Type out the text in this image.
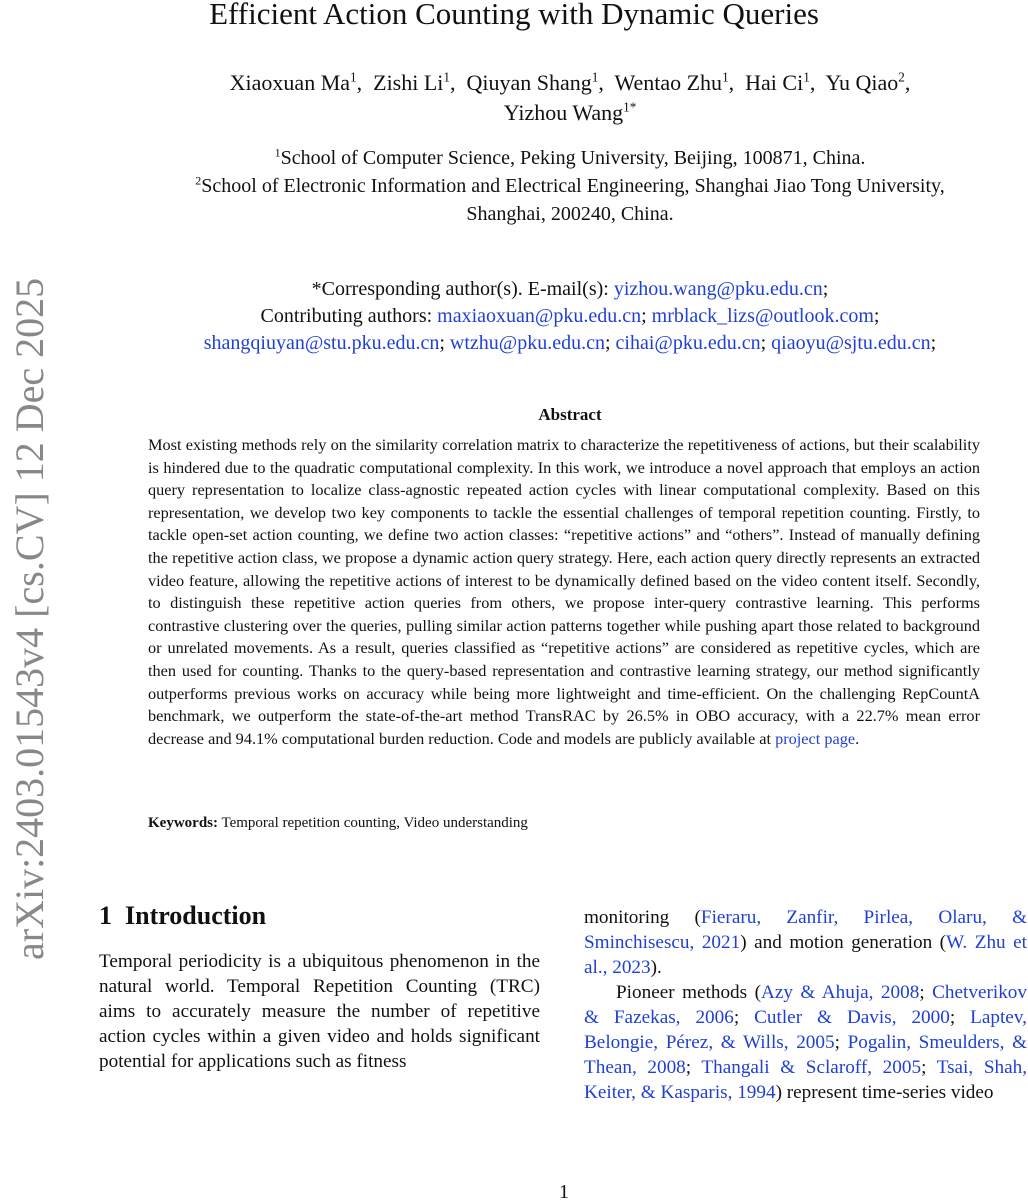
Efficient Action Counting with Dynamic Queries
Xiaoxuan Ma$^1$,  Zishi Li$^1$,  Qiuyan Shang$^1$,  Wentao Zhu$^1$,  Hai Ci$^1$,  Yu Qiao$^2$,
Yizhou Wang$^{1*}$
$^1$School of Computer Science, Peking University, Beijing, 100871, China.
$^2$School of Electronic Information and Electrical Engineering, Shanghai Jiao Tong University,
Shanghai, 200240, China.
*Corresponding author(s). E-mail(s): yizhou.wang@pku.edu.cn;
Contributing authors: maxiaoxuan@pku.edu.cn; mrblack_lizs@outlook.com;
shangqiuyan@stu.pku.edu.cn; wtzhu@pku.edu.cn; cihai@pku.edu.cn; qiaoyu@sjtu.edu.cn;
Abstract
Most existing methods rely on the similarity correlation matrix to characterize the repetitiveness of actions, but their scalability is hindered due to the quadratic computational complexity. In this work, we introduce a novel approach that employs an action query representation to localize class-agnostic repeated action cycles with linear computational complexity. Based on this representation, we develop two key components to tackle the essential challenges of temporal repetition counting. Firstly, to tackle open-set action counting, we define two action classes: “repetitive actions” and “others”. Instead of manually defining the repetitive action class, we propose a dynamic action query strategy. Here, each action query directly represents an extracted video feature, allowing the repetitive actions of interest to be dynamically defined based on the video content itself. Secondly, to distinguish these repetitive action queries from others, we propose inter-query contrastive learning. This performs contrastive clustering over the queries, pulling similar action patterns together while pushing apart those related to background or unrelated movements. As a result, queries classified as “repetitive actions” are considered as repetitive cycles, which are then used for counting. Thanks to the query-based representation and contrastive learning strategy, our method significantly outperforms previous works on accuracy while being more lightweight and time-efficient. On the challenging RepCountA benchmark, we outperform the state-of-the-art method TransRAC by 26.5% in OBO accuracy, with a 22.7% mean error decrease and 94.1% computational burden reduction. Code and models are publicly available at project page.
Keywords: Temporal repetition counting, Video understanding
1 Introduction

Temporal periodicity is a ubiquitous phenomenon in the natural world. Temporal Repetition Counting (TRC) aims to accurately measure the number of repetitive action cycles within a given video and holds significant potential for applications such as fitness

monitoring (Fieraru, Zanfir, Pirlea, Olaru, & Sminchisescu, 2021) and motion generation (W. Zhu et al., 2023).

Pioneer methods (Azy & Ahuja, 2008; Chetverikov & Fazekas, 2006; Cutler & Davis, 2000; Laptev, Belongie, Pérez, & Wills, 2005; Pogalin, Smeulders, & Thean, 2008; Thangali & Sclaroff, 2005; Tsai, Shah, Keiter, & Kasparis, 1994) represent time-series video

arXiv:2403.01543v4 [cs.CV] 12 Dec 2025
1
